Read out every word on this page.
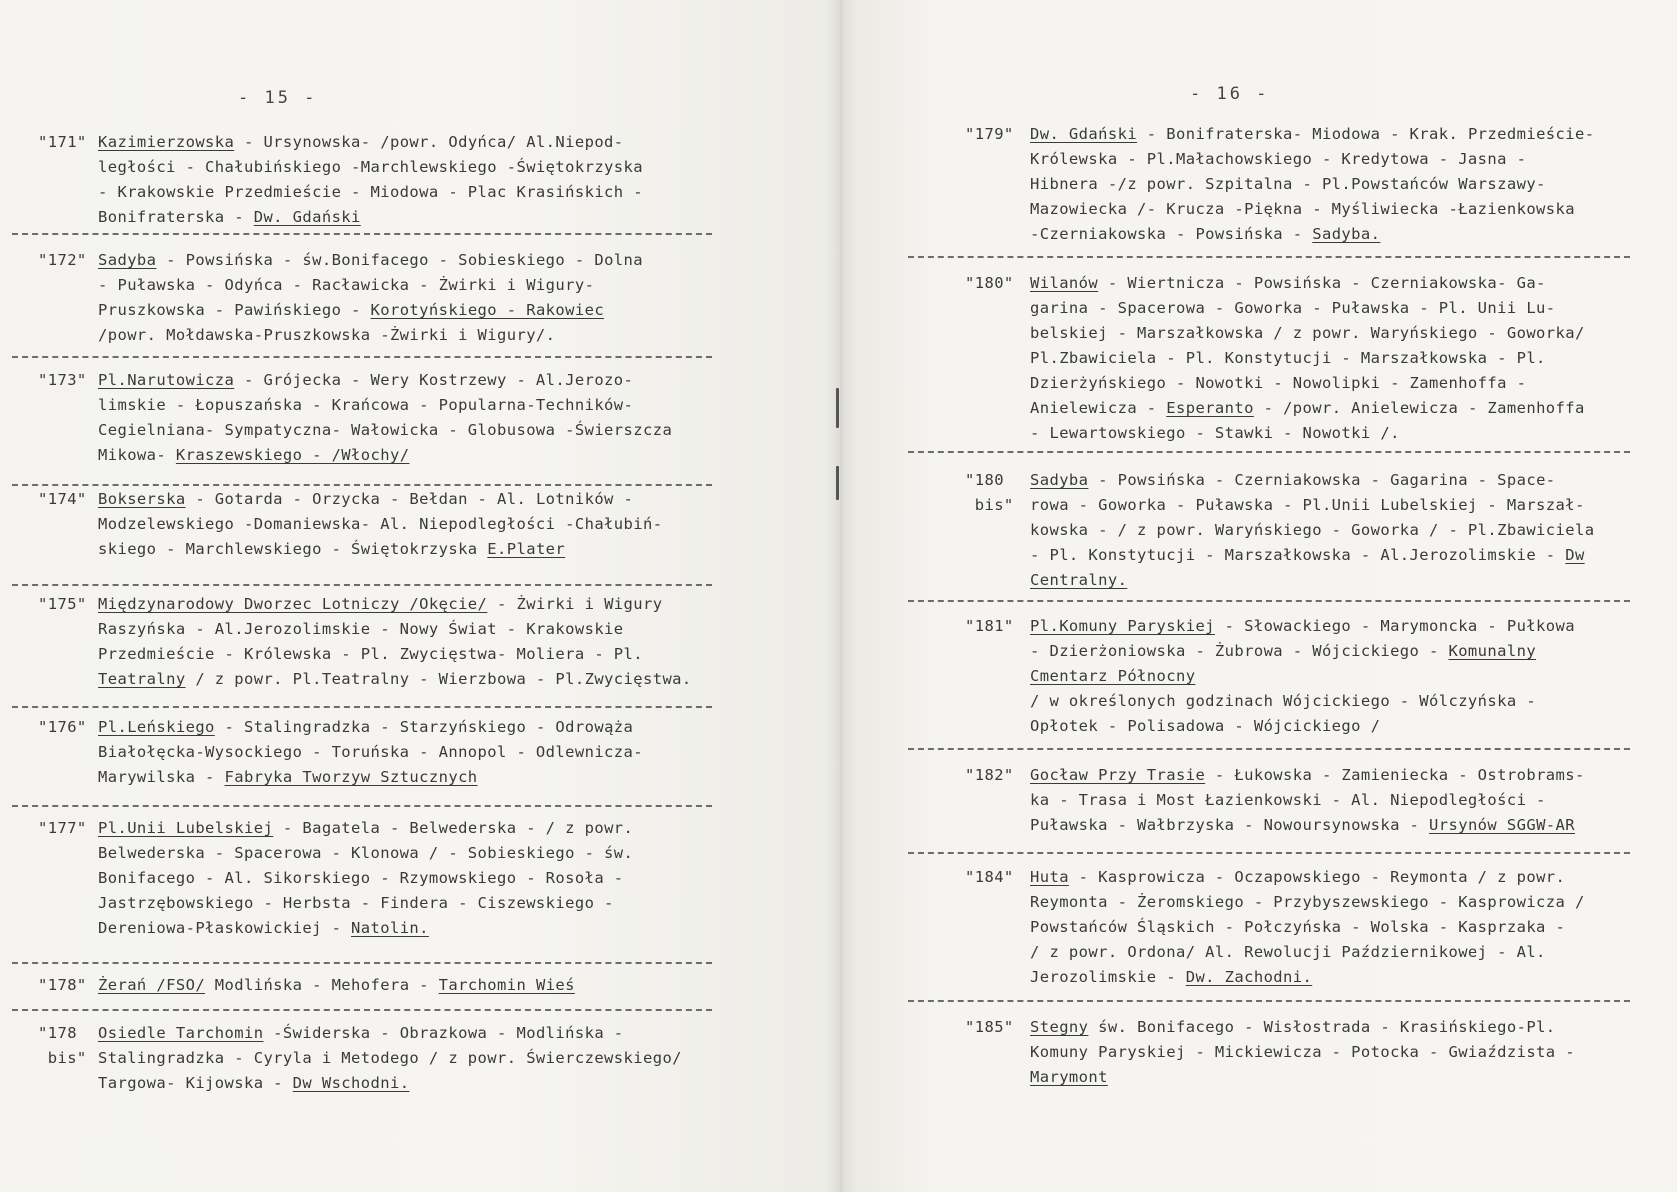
- 15 -	- 16 -
"171" Kazimierzowska - Ursynowska- /powr. Odyńca/ Al.Niepod-
ległości - Chałubińskiego -Marchlewskiego -Świętokrzyska
- Krakowskie Przedmieście - Miodowa - Plac Krasińskich -
Bonifraterska - Dw. Gdański
"172" Sadyba - Powsińska - św.Bonifacego - Sobieskiego - Dolna
- Puławska - Odyńca - Racławicka - Żwirki i Wigury-
Pruszkowska - Pawińskiego - Korotyńskiego - Rakowiec
/powr. Mołdawska-Pruszkowska -Żwirki i Wigury/.
"173" Pl.Narutowicza - Grójecka - Wery Kostrzewy - Al.Jerozo-
limskie - Łopuszańska - Krańcowa - Popularna-Techników-
Cegielniana- Sympatyczna- Wałowicka - Globusowa -Świerszcza
Mikowa- Kraszewskiego - /Włochy/
"174" Bokserska - Gotarda - Orzycka - Bełdan - Al. Lotników -
Modzelewskiego -Domaniewska- Al. Niepodległości -Chałubiń-
skiego - Marchlewskiego - Świętokrzyska E.Plater
"175" Międzynarodowy Dworzec Lotniczy /Okęcie/ - Żwirki i Wigury
Raszyńska - Al.Jerozolimskie - Nowy Świat - Krakowskie
Przedmieście - Królewska - Pl. Zwycięstwa- Moliera - Pl.
Teatralny / z powr. Pl.Teatralny - Wierzbowa - Pl.Zwycięstwa.
"176" Pl.Leńskiego - Stalingradzka - Starzyńskiego - Odrowąża
Białołęcka-Wysockiego - Toruńska - Annopol - Odlewnicza-
Marywilska - Fabryka Tworzyw Sztucznych
"177" Pl.Unii Lubelskiej - Bagatela - Belwederska - / z powr.
Belwederska - Spacerowa - Klonowa / - Sobieskiego - św.
Bonifacego - Al. Sikorskiego - Rzymowskiego - Rosoła -
Jastrzębowskiego - Herbsta - Findera - Ciszewskiego -
Dereniowa-Płaskowickiej - Natolin.
"178" Żerań /FSO/ Modlińska - Mehofera - Tarchomin Wieś
"178
bis"
Osiedle Tarchomin -Świderska - Obrazkowa - Modlińska -
Stalingradzka - Cyryla i Metodego / z powr. Świerczewskiego/
Targowa- Kijowska - Dw Wschodni.
"179" Dw. Gdański - Bonifraterska- Miodowa - Krak. Przedmieście-
Królewska - Pl.Małachowskiego - Kredytowa - Jasna -
Hibnera -/z powr. Szpitalna - Pl.Powstańców Warszawy-
Mazowiecka /- Krucza -Piękna - Myśliwiecka -Łazienkowska
-Czerniakowska - Powsińska - Sadyba.
"180" Wilanów - Wiertnicza - Powsińska - Czerniakowska- Ga-
garina - Spacerowa - Goworka - Puławska - Pl. Unii Lu-
belskiej - Marszałkowska / z powr. Waryńskiego - Goworka/
Pl.Zbawiciela - Pl. Konstytucji - Marszałkowska - Pl.
Dzierżyńskiego - Nowotki - Nowolipki - Zamenhoffa -
Anielewicza - Esperanto - /powr. Anielewicza - Zamenhoffa
- Lewartowskiego - Stawki - Nowotki /.
"180
bis"
Sadyba - Powsińska - Czerniakowska - Gagarina - Space-
rowa - Goworka - Puławska - Pl.Unii Lubelskiej - Marszał-
kowska - / z powr. Waryńskiego - Goworka / - Pl.Zbawiciela
- Pl. Konstytucji - Marszałkowska - Al.Jerozolimskie - Dw
Centralny.
"181" Pl.Komuny Paryskiej - Słowackiego - Marymoncka - Pułkowa
- Dzierżoniowska - Żubrowa - Wójcickiego - Komunalny
Cmentarz Północny
/ w określonych godzinach Wójcickiego - Wólczyńska -
Opłotek - Polisadowa - Wójcickiego /
"182" Gocław Przy Trasie - Łukowska - Zamieniecka - Ostrobrams-
ka - Trasa i Most Łazienkowski - Al. Niepodległości -
Puławska - Wałbrzyska - Nowoursynowska - Ursynów SGGW-AR
"184" Huta - Kasprowicza - Oczapowskiego - Reymonta / z powr.
Reymonta - Żeromskiego - Przybyszewskiego - Kasprowicza /
Powstańców Śląskich - Połczyńska - Wolska - Kasprzaka -
/ z powr. Ordona/ Al. Rewolucji Październikowej - Al.
Jerozolimskie - Dw. Zachodni.
"185" Stegny św. Bonifacego - Wisłostrada - Krasińskiego-Pl.
Komuny Paryskiej - Mickiewicza - Potocka - Gwiaździsta -
Marymont
